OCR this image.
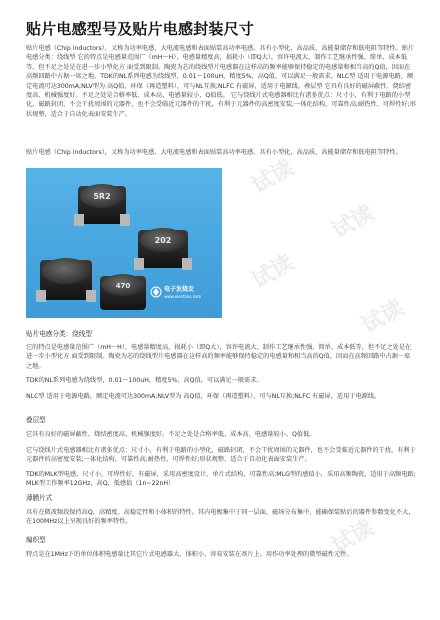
贴片电感型号及贴片电感封装尺寸
贴片电感（Chip inductors），又称为功率电感、大电流电感和表面贴装高功率电感。具有小型化，高品质，高能量储存和低电阻等特性。贴片电感分类：绕线型 它的特点是电感量范围广（mH～H），电感量精度高，损耗小（即Q大），容许电流大、制作工艺继承性强、简单、成本低等，但不足之处是在进一步小型化方 面受到限制。陶瓷为芯的绕线型片电感器在这样高的频率能够保持稳定的电感量和相当高的Q值，因而在高频回路中占据一席之地。TDK的NL系列电感为绕线型，0.01～100uH，精度5%，高Q值，可以满足一般需求。NLC型 适用于电源电路，额定电流可达300mA;NLV型为 高Q值，环保（再造塑料），可与NL互换;NLFC 有磁屏，适用于电源线。叠层型 它具有良好的磁屏蔽性、烧结密度高、机械强度好。不足之处是合格率低、成本高、电感量较小、Q值低。 它与绕线片式电感器相比有诸多优点：尺寸小，有利于电路的小型化，磁路封闭，不会干扰周围的元器件，也不会受临近元器件的干扰，有利于元器件的高密度安装;一体化结构，可靠性高;耐热性、可焊性好;形状规整，适合于自动化表面安装生产。
贴片电感（Chip inductors），又称为功率电感、大电流电感和表面贴装高功率电感。具有小型化，高品质，高能量储存和低电阻等特性。
5R2
202
470	电子发烧友
www.elecfans.com
试读
试读
试读
试读
试读
贴片电感分类：绕线型
它的特点是电感量范围广（mH～H），电感量精度高，损耗小（即Q大），容许电流大、制作工艺继承性强、简单、成本低等，但不足之处是在进一步小型化方 面受到限制。陶瓷为芯的绕线型片电感器在这样高的频率能够保持稳定的电感量和相当高的Q值，因而在高频回路中占据一席之地。
TDK的NL系列电感为绕线型，0.01～100uH，精度5%，高Q值，可以满足一般需求。
NLC型 适用于电源电路，额定电流可达300mA;NLV型为 高Q值，环保（再造塑料），可与NL互换;NLFC 有磁屏，适用于电源线。
叠层型
它具有良好的磁屏蔽性、烧结密度高、机械强度好。不足之处是合格率低、成本高、电感量较小、Q值低。
它与绕线片式电感器相比有诸多优点：尺寸小，有利于电路的小型化，磁路封闭，不会干扰周围的元器件，也不会受临近元器件的干扰，有利于元器件的高密度安装;一体化结构，可靠性高;耐热性、可焊性好;形状规整，适合于自动化表面安装生产。
TDK的MLK型电感，尺寸小，可焊性好，有磁屏，采用高密度设计，单片式结构，可靠性高;MLG型的感值小，采用高频陶瓷，适用于高频电路;MLK型工作频率12GHz，高Q，低感值（1n~22nH）
薄膜片式
具有在微波频段保持高Q、高精度、高稳定性和小体积的特性。其内电极集中于同一层面，磁场分布集中，能确保装贴后的器件参数变化不大，在100MHz以上呈现良好的频率特性。
编织型
特点是在1MHz下的单位体积电感量比其它片式电感器大、体积小、容易安装在基片上。用作功率处理的微型磁性元件。
